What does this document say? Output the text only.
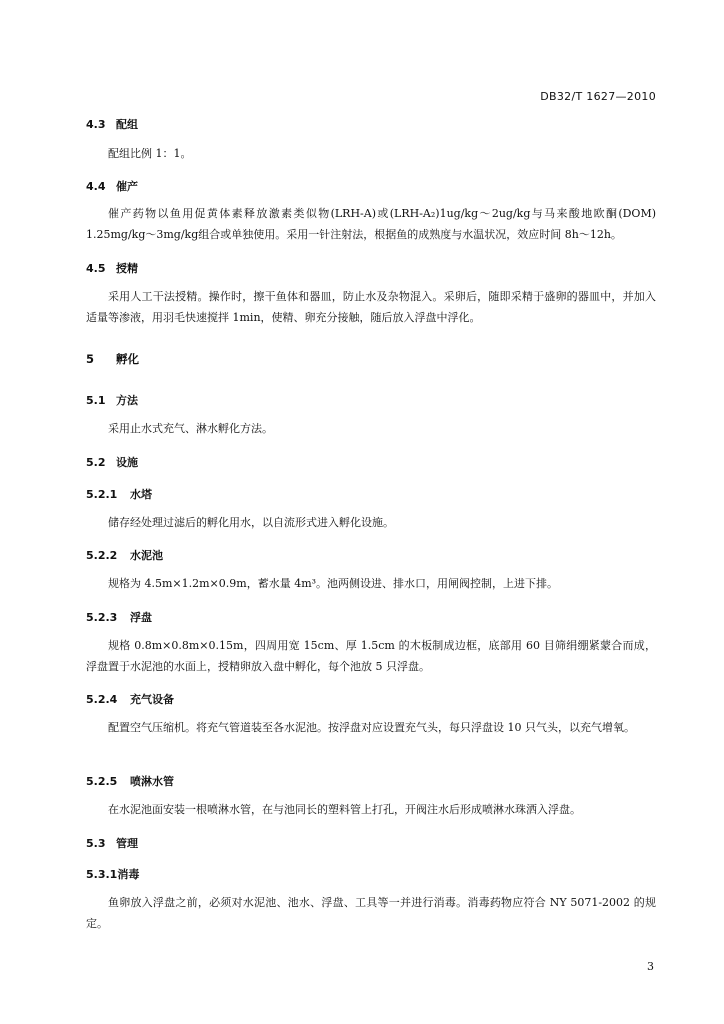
DB32/T 1627—2010

4.3 配组

配组比例 1：1。

4.4 催产

催产药物以鱼用促黄体素释放激素类似物(LRH-A)或(LRH-A₂)1ug/kg～2ug/kg与马来酸地欧酮(DOM) 1.25mg/kg～3mg/kg组合或单独使用。采用一针注射法，根据鱼的成熟度与水温状况，效应时间 8h～12h。

4.5 授精

采用人工干法授精。操作时，擦干鱼体和器皿，防止水及杂物混入。采卵后，随即采精于盛卵的器皿中，并加入适量等渗液，用羽毛快速搅拌 1min，使精、卵充分接触，随后放入浮盘中浮化。

5 孵化

5.1 方法

采用止水式充气、淋水孵化方法。

5.2 设施

5.2.1 水塔

储存经处理过滤后的孵化用水，以自流形式进入孵化设施。

5.2.2 水泥池

规格为 4.5m×1.2m×0.9m，蓄水量 4m³。池两侧设进、排水口，用闸阀控制，上进下排。

5.2.3 浮盘

规格 0.8m×0.8m×0.15m，四周用宽 15cm、厚 1.5cm 的木板制成边框，底部用 60 目筛绢绷紧蒙合而成，浮盘置于水泥池的水面上，授精卵放入盘中孵化，每个池放 5 只浮盘。

5.2.4 充气设备

配置空气压缩机。将充气管道装至各水泥池。按浮盘对应设置充气头，每只浮盘设 10 只气头，以充气增氧。

5.2.5 喷淋水管

在水泥池面安装一根喷淋水管，在与池同长的塑料管上打孔，开阀注水后形成喷淋水珠洒入浮盘。

5.3 管理

5.3.1消毒

鱼卵放入浮盘之前，必须对水泥池、池水、浮盘、工具等一并进行消毒。消毒药物应符合 NY 5071-2002 的规定。

3
